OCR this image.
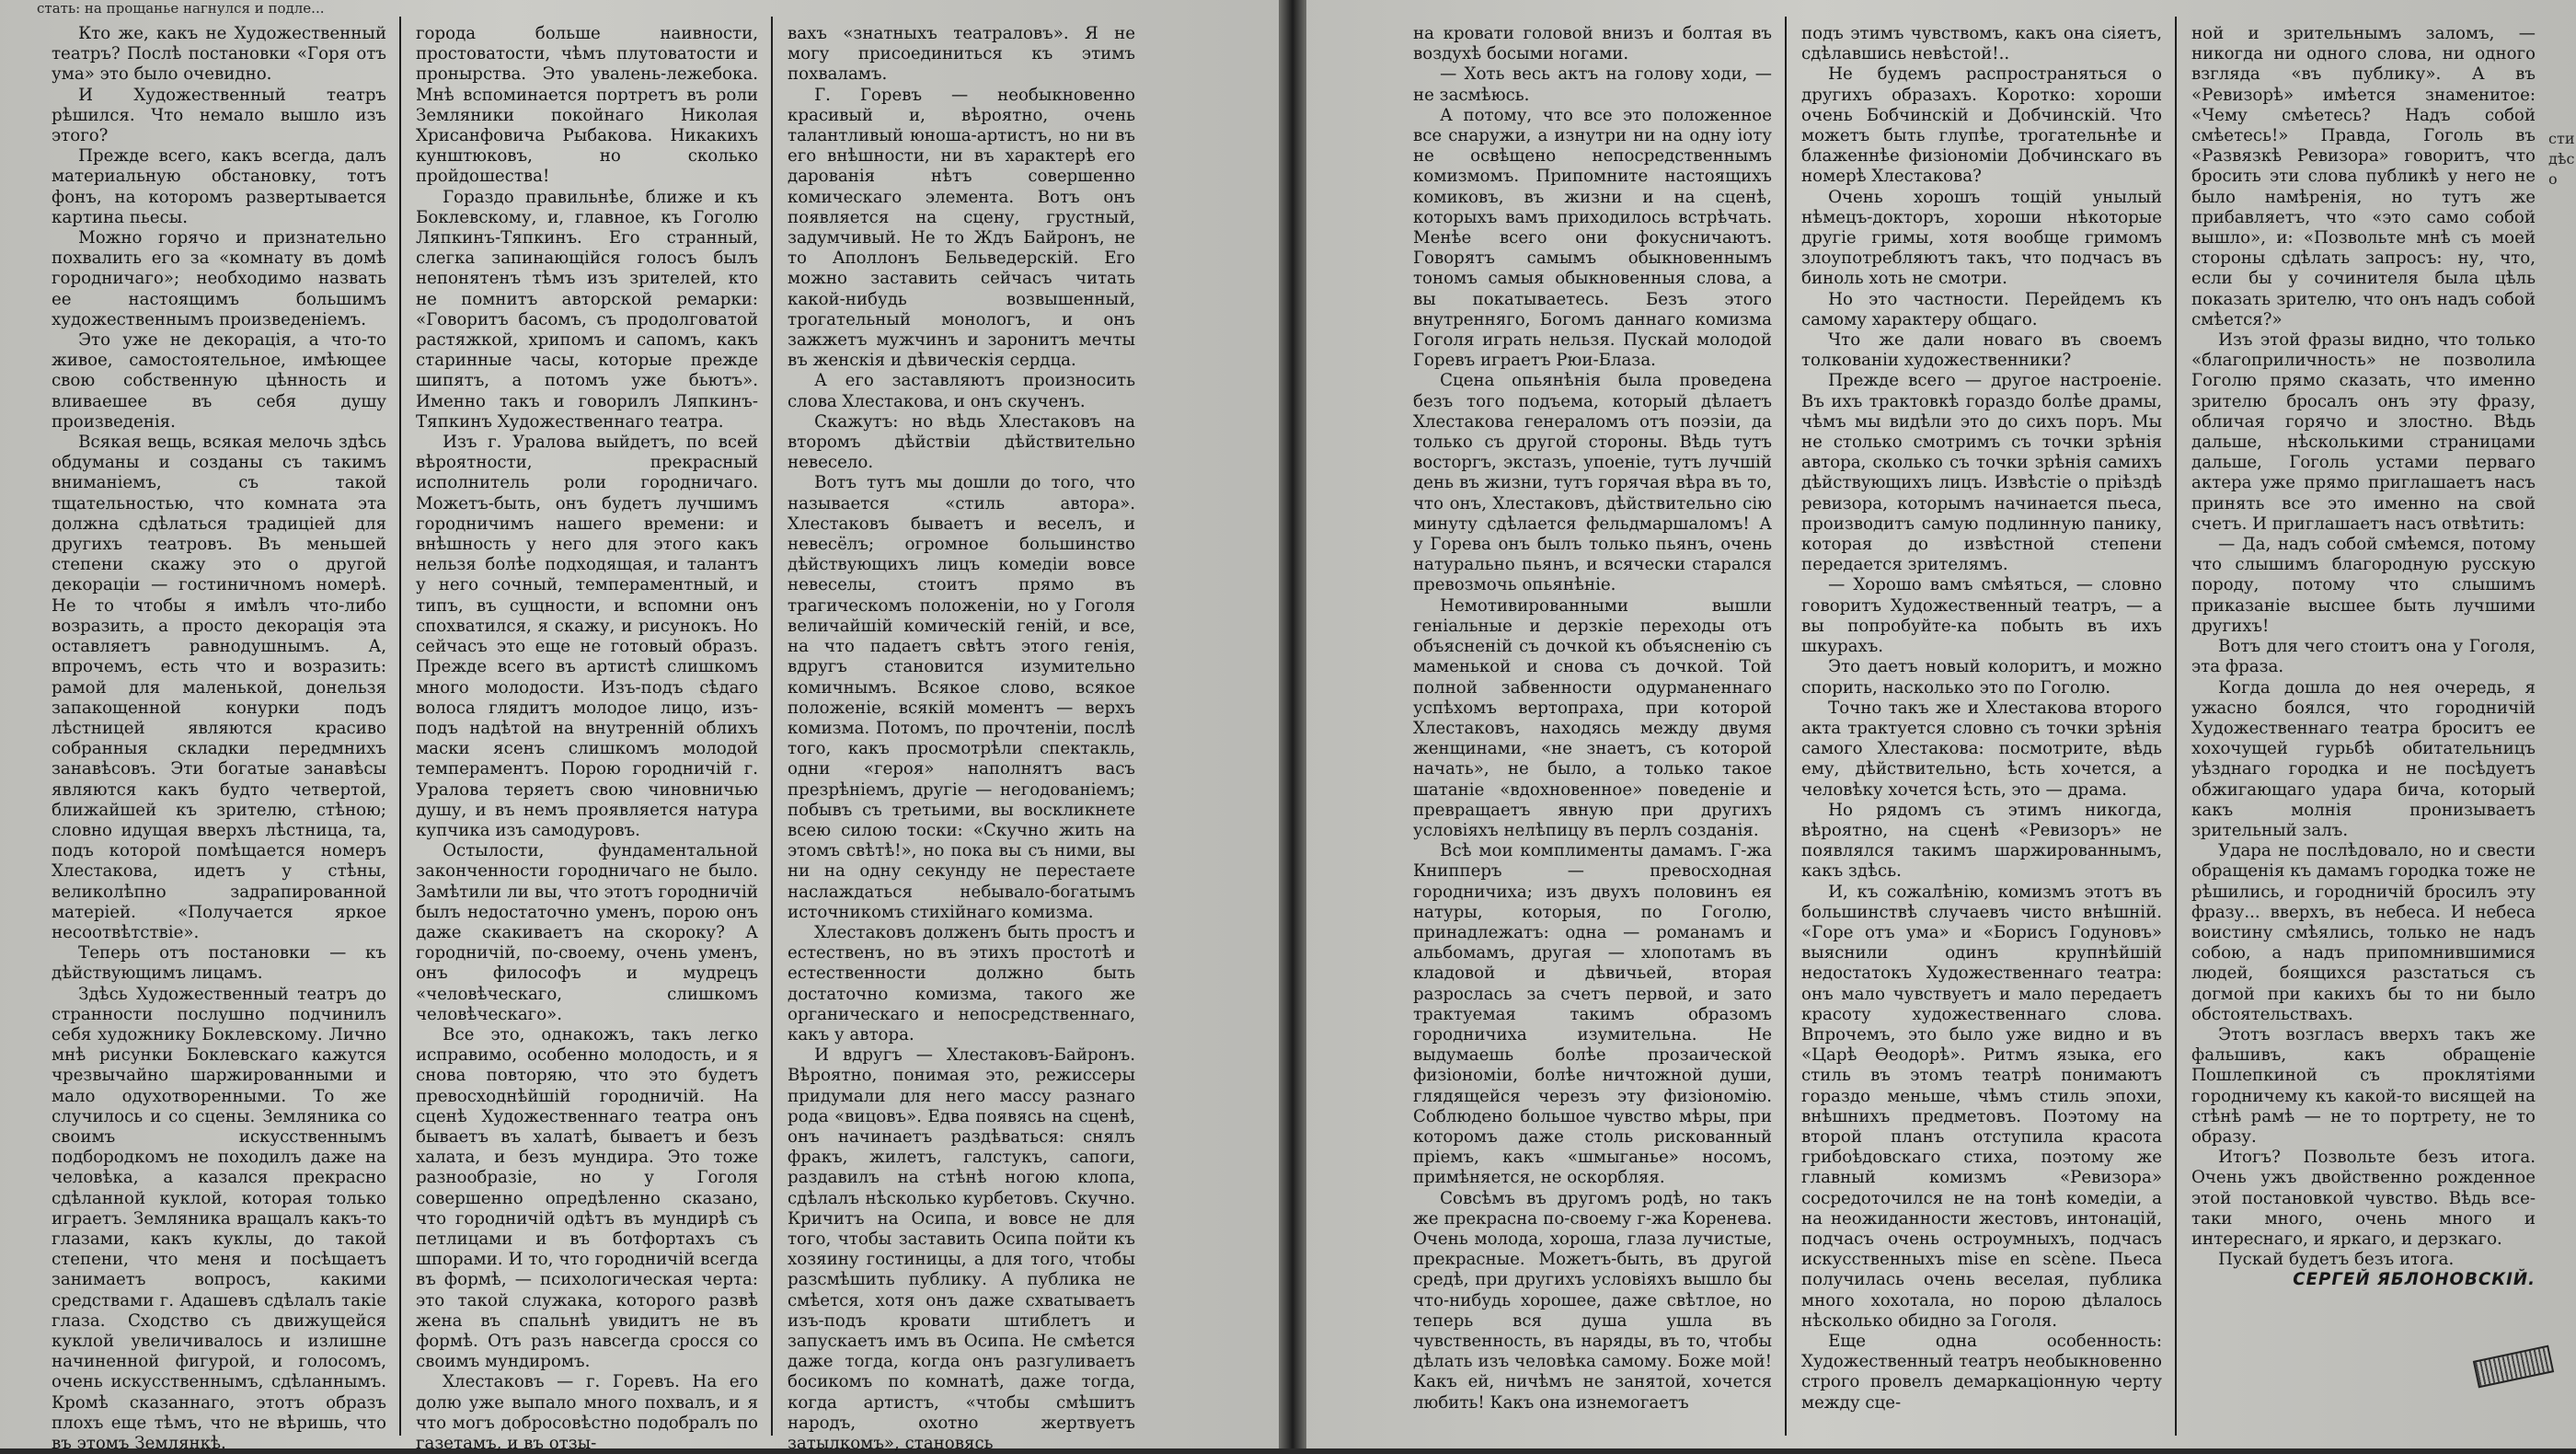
стать: на прощанье нагнулся и подле...

Кто же, какъ не Художественный театръ? Послѣ постановки «Горя отъ ума» это было очевидно.

И Художественный театръ рѣшился. Что немало вышло изъ этого?

Прежде всего, какъ всегда, далъ материальную обстановку, тотъ фонъ, на которомъ развертывается картина пьесы.

Можно горячо и признательно похвалить его за «комнату въ домѣ городничаго»; необходимо назвать ее настоящимъ большимъ художественнымъ произведеніемъ.

Это уже не декорація, а что-то живое, самостоятельное, имѣющее свою собственную цѣнность и вливаешее въ себя душу произведенія.

Всякая вещь, всякая мелочь здѣсь обдуманы и созданы съ такимъ вниманіемъ, съ такой тщательностью, что комната эта должна сдѣлаться традиціей для другихъ театровъ. Въ меньшей степени скажу это о другой декораціи — гостиничномъ номерѣ. Не то чтобы я имѣлъ что-либо возразить, а просто декорація эта оставляетъ равнодушнымъ. А, впрочемъ, есть что и возразить: рамой для маленькой, донельзя запакощенной конурки подъ лѣстницей являются красиво собранныя складки передмнихъ занавѣсовъ. Эти богатые занавѣсы являются какъ будто четвертой, ближайшей къ зрителю, стѣною; словно идущая вверхъ лѣстница, та, подъ которой помѣщается номеръ Хлестакова, идетъ у стѣны, великолѣпно задрапированной матеріей. «Получается яркое несоотвѣтствіе».

Теперь отъ постановки — къ дѣйствующимъ лицамъ.

Здѣсь Художественный театръ до странности послушно подчинилъ себя художнику Боклевскому. Лично мнѣ рисунки Боклевскаго кажутся чрезвычайно шаржированными и мало одухотворенными. То же случилось и со сцены. Земляника со своимъ искусственнымъ подбородкомъ не походилъ даже на человѣка, а казался прекрасно сдѣланной куклой, которая только играетъ. Земляника вращалъ какъ-то глазами, какъ куклы, до такой степени, что меня и посѣщаетъ занимаетъ вопросъ, какими средствами г. Адашевъ сдѣлалъ такіе глаза. Сходство съ движущейся куклой увеличивалось и излишне начиненной фигурой, и голосомъ, очень искусственнымъ, сдѣланнымъ. Кромѣ сказаннаго, этотъ образъ плохъ еще тѣмъ, что не вѣришь, что въ этомъ Землянкѣ.

города больше наивности, простоватости, чѣмъ плутоватости и пронырства. Это увалень-лежебока. Мнѣ вспоминается портретъ въ роли Земляники покойнаго Николая Хрисанфовича Рыбакова. Никакихъ кунштюковъ, но сколько пройдошества!

Гораздо правильнѣе, ближе и къ Боклевскому, и, главное, къ Гоголю Ляпкинъ-Тяпкинъ. Его странный, слегка запинающійся голосъ былъ непонятенъ тѣмъ изъ зрителей, кто не помнитъ авторской ремарки: «Говоритъ басомъ, съ продолговатой растяжкой, хрипомъ и сапомъ, какъ старинные часы, которые прежде шипятъ, а потомъ уже бьютъ». Именно такъ и говорилъ Ляпкинъ-Тяпкинъ Художественнаго театра.

Изъ г. Уралова выйдетъ, по всей вѣроятности, прекрасный исполнитель роли городничаго. Можетъ-быть, онъ будетъ лучшимъ городничимъ нашего времени: и внѣшность у него для этого какъ нельзя болѣе подходящая, и талантъ у него сочный, темпераментный, и типъ, въ сущности, и вспомни онъ спохватился, я скажу, и рисунокъ. Но сейчасъ это еще не готовый образъ. Прежде всего въ артистѣ слишкомъ много молодости. Изъ-подъ сѣдаго волоса глядитъ молодое лицо, изъ-подъ надѣтой на внутренній облихъ маски ясенъ слишкомъ молодой темпераментъ. Порою городничій г. Уралова теряетъ свою чиновничью душу, и въ немъ проявляется натура купчика изъ самодуровъ.

Остылости, фундаментальной законченности городничаго не было. Замѣтили ли вы, что этотъ городничій былъ недостаточно уменъ, порою онъ даже скакиваетъ на скороку? А городничій, по-своему, очень уменъ, онъ философъ и мудрецъ «человѣческаго, слишкомъ человѣческаго».

Все это, однакожъ, такъ легко исправимо, особенно молодость, и я снова повторяю, что это будетъ превосходнѣйшій городничій. На сценѣ Художественнаго театра онъ бываетъ въ халатѣ, бываетъ и безъ халата, и безъ мундира. Это тоже разнообразіе, но у Гоголя совершенно опредѣленно сказано, что городничій одѣтъ въ мундирѣ съ петлицами и въ ботфортахъ съ шпорами. И то, что городничій всегда въ формѣ, — психологическая черта: это такой служака, которого развѣ жена въ спальнѣ увидитъ не въ формѣ. Отъ разъ навсегда сросся со своимъ мундиромъ.

Хлестаковъ — г. Горевъ. На его долю уже выпало много похвалъ, и я что могъ добросовѣстно подобралъ по газетамъ, и въ отзы-

вахъ «знатныхъ театраловъ». Я не могу присоединиться къ этимъ похваламъ.

Г. Горевъ — необыкновенно красивый и, вѣроятно, очень талантливый юноша-артистъ, но ни въ его внѣшности, ни въ характерѣ его дарованія нѣтъ совершенно комическаго элемента. Вотъ онъ появляется на сцену, грустный, задумчивый. Не то Ждъ Байронъ, не то Аполлонъ Бельведерскій. Его можно заставить сейчасъ читать какой-нибудь возвышенный, трогательный монологъ, и онъ зажжетъ мужчинъ и заронитъ мечты въ женскія и дѣвическія сердца.

А его заставляютъ произносить слова Хлестакова, и онъ скученъ.

Скажутъ: но вѣдь Хлестаковъ на второмъ дѣйствіи дѣйствительно невесело.

Вотъ тутъ мы дошли до того, что называется «стиль автора». Хлестаковъ бываетъ и веселъ, и невесёлъ; огромное большинство дѣйствующихъ лицъ комедіи вовсе невеселы, стоитъ прямо въ трагическомъ положеніи, но у Гоголя величайшій комическій геній, и все, на что падаетъ свѣтъ этого генія, вдругъ становится изумительно комичнымъ. Всякое слово, всякое положеніе, всякій моментъ — верхъ комизма. Потомъ, по прочтеніи, послѣ того, какъ просмотрѣли спектакль, одни «героя» наполнятъ васъ презрѣніемъ, другіе — негодованіемъ; побывъ съ третьими, вы воскликнете всею силою тоски: «Скучно жить на этомъ свѣтѣ!», но пока вы съ ними, вы ни на одну секунду не перестаете наслаждаться небывало-богатымъ источникомъ стихійнаго комизма.

Хлестаковъ долженъ быть простъ и естественъ, но въ этихъ простотѣ и естественности должно быть достаточно комизма, такого же органическаго и непосредственнаго, какъ у автора.

И вдругъ — Хлестаковъ-Байронъ. Вѣроятно, понимая это, режиссеры придумали для него массу разнаго рода «вицовъ». Едва появясь на сценѣ, онъ начинаетъ раздѣваться: снялъ фракъ, жилетъ, галстукъ, сапоги, раздавилъ на стѣнѣ ногою клопа, сдѣлалъ нѣсколько курбетовъ. Скучно. Кричитъ на Осипа, и вовсе не для того, чтобы заставить Осипа пойти къ хозяину гостиницы, а для того, чтобы разсмѣшить публику. А публика не смѣется, хотя онъ даже схватываетъ изъ-подъ кровати штиблетъ и запускаетъ имъ въ Осипа. Не смѣется даже тогда, когда онъ разгуливаетъ босикомъ по комнатѣ, даже тогда, когда артистъ, «чтобы смѣшитъ народъ, охотно жертвуетъ затылкомъ», становясь

на кровати головой внизъ и болтая въ воздухѣ босыми ногами.

— Хоть весь актъ на голову ходи, — не засмѣюсь.

А потому, что все это положенное все снаружи, а изнутри ни на одну іоту не освѣщено непосредственнымъ комизмомъ. Припомните настоящихъ комиковъ, въ жизни и на сценѣ, которыхъ вамъ приходилось встрѣчать. Менѣе всего они фокусничаютъ. Говорятъ самымъ обыкновеннымъ тономъ самыя обыкновенныя слова, а вы покатываетесь. Безъ этого внутренняго, Богомъ даннаго комизма Гоголя играть нельзя. Пускай молодой Горевъ играетъ Рюи-Блаза.

Сцена опьянѣнія была проведена безъ того подъема, который дѣлаетъ Хлестакова генераломъ отъ поэзіи, да только съ другой стороны. Вѣдь тутъ восторгъ, экстазъ, упоеніе, тутъ лучшій день въ жизни, тутъ горячая вѣра въ то, что онъ, Хлестаковъ, дѣйствительно сію минуту сдѣлается фельдмаршаломъ! А у Горева онъ былъ только пьянъ, очень натурально пьянъ, и всячески старался превозмочь опьянѣніе.

Немотивированными вышли геніальные и дерзкіе переходы отъ объясненій съ дочкой къ объясненію съ маменькой и снова съ дочкой. Той полной забвенности одурманеннаго успѣхомъ вертопраха, при которой Хлестаковъ, находясь между двумя женщинами, «не знаетъ, съ которой начать», не было, а только такое шатаніе «вдохновенное» поведеніе и превращаетъ явную при другихъ условіяхъ нелѣпицу въ перлъ созданія.

Всѣ мои комплименты дамамъ. Г-жа Книпперъ — превосходная городничиха; изъ двухъ половинъ ея натуры, которыя, по Гоголю, принадлежатъ: одна — романамъ и альбомамъ, другая — хлопотамъ въ кладовой и дѣвичьей, вторая разрослась за счетъ первой, и зато трактуемая такимъ образомъ городничиха изумительна. Не выдумаешь болѣе прозаической физіономіи, болѣе ничтожной души, глядящейся черезъ эту физіономію. Соблюдено большое чувство мѣры, при которомъ даже столь рискованный пріемъ, какъ «шмыганье» носомъ, примѣняется, не оскорбляя.

Совсѣмъ въ другомъ родѣ, но такъ же прекрасна по-своему г-жа Коренева. Очень молода, хороша, глаза лучистые, прекрасные. Можетъ-быть, въ другой средѣ, при другихъ условіяхъ вышло бы что-нибудь хорошее, даже свѣтлое, но теперь вся душа ушла въ чувственность, въ наряды, въ то, чтобы дѣлать изъ человѣка самому. Боже мой! Какъ ей, ничѣмъ не занятой, хочется любить! Какъ она изнемогаетъ

подъ этимъ чувствомъ, какъ она сіяетъ, сдѣлавшись невѣстой!..

Не будемъ распространяться о другихъ образахъ. Коротко: хороши очень Бобчинскій и Добчинскій. Что можетъ быть глупѣе, трогательнѣе и блаженнѣе физіономіи Добчинскаго въ номерѣ Хлестакова?

Очень хорошъ тощій унылый нѣмецъ-докторъ, хороши нѣкоторые другіе гримы, хотя вообще гримомъ злоупотребляютъ такъ, что подчасъ въ биноль хоть не смотри.

Но это частности. Перейдемъ къ самому характеру общаго.

Что же дали новаго въ своемъ толкованіи художественники?

Прежде всего — другое настроеніе. Въ ихъ трактовкѣ гораздо болѣе драмы, чѣмъ мы видѣли это до сихъ поръ. Мы не столько смотримъ съ точки зрѣнія автора, сколько съ точки зрѣнія самихъ дѣйствующихъ лицъ. Извѣстіе о пріѣздѣ ревизора, которымъ начинается пьеса, производитъ самую подлинную панику, которая до извѣстной степени передается зрителямъ.

— Хорошо вамъ смѣяться, — словно говоритъ Художественный театръ, — а вы попробуйте-ка побыть въ ихъ шкурахъ.

Это даетъ новый колоритъ, и можно спорить, насколько это по Гоголю.

Точно такъ же и Хлестакова второго акта трактуется словно съ точки зрѣнія самого Хлестакова: посмотрите, вѣдь ему, дѣйствительно, ѣсть хочется, а человѣку хочется ѣсть, это — драма.

Но рядомъ съ этимъ никогда, вѣроятно, на сценѣ «Ревизоръ» не появлялся такимъ шаржированнымъ, какъ здѣсь.

И, къ сожалѣнію, комизмъ этотъ въ большинствѣ случаевъ чисто внѣшній. «Горе отъ ума» и «Борисъ Годуновъ» выяснили одинъ крупнѣйшій недостатокъ Художественнаго театра: онъ мало чувствуетъ и мало передаетъ красоту художественнаго слова. Впрочемъ, это было уже видно и въ «Царѣ Ѳеодорѣ». Ритмъ языка, его стиль въ этомъ театрѣ понимаютъ гораздо меньше, чѣмъ стиль эпохи, внѣшнихъ предметовъ. Поэтому на второй планъ отступила красота грибоѣдовскаго стиха, поэтому же главный комизмъ «Ревизора» сосредоточился не на тонѣ комедіи, а на неожиданности жестовъ, интонацій, подчасъ очень остроумныхъ, подчасъ искусственныхъ mise en scène. Пьеса получилась очень веселая, публика много хохотала, но порою дѣлалось нѣсколько обидно за Гоголя.

Еще одна особенность: Художественный театръ необыкновенно строго провелъ демаркаціонную черту между сце-

ной и зрительнымъ заломъ, — никогда ни одного слова, ни одного взгляда «въ публику». А въ «Ревизорѣ» имѣется знаменитое: «Чему смѣетесь? Надъ собой смѣетесь!» Правда, Гоголь въ «Развязкѣ Ревизора» говоритъ, что бросить эти слова публикѣ у него не было намѣренія, но тутъ же прибавляетъ, что «это само собой вышло», и: «Позвольте мнѣ съ моей стороны сдѣлать запросъ: ну, что, если бы у сочинителя была цѣль показать зрителю, что онъ надъ собой смѣется?»

Изъ этой фразы видно, что только «благоприличность» не позволила Гоголю прямо сказать, что именно зрителю бросалъ онъ эту фразу, обличая горячо и злостно. Вѣдь дальше, нѣсколькими страницами дальше, Гоголь устами перваго актера уже прямо приглашаетъ насъ принять все это именно на свой счетъ. И приглашаетъ насъ отвѣтить:

— Да, надъ собой смѣемся, потому что слышимъ благородную русскую породу, потому что слышимъ приказаніе высшее быть лучшими другихъ!

Вотъ для чего стоитъ она у Гоголя, эта фраза.

Когда дошла до нея очередь, я ужасно боялся, что городничій Художественнаго театра броситъ ее хохочущей гурьбѣ обитательницъ уѣзднаго городка и не посѣдуетъ обжигающаго удара бича, который какъ молнія пронизываетъ зрительный залъ.

Удара не послѣдовало, но и свести обращенія къ дамамъ городка тоже не рѣшились, и городничій бросилъ эту фразу... вверхъ, въ небеса. И небеса воистину смѣялись, только не надъ собою, а надъ припомнившимися людей, боящихся разстаться съ догмой при какихъ бы то ни было обстоятельствахъ.

Этотъ возгласъ вверхъ такъ же фальшивъ, какъ обращеніе Пошлепкиной съ проклятіями городничему къ какой-то висящей на стѣнѣ рамѣ — не то портрету, не то образу.

Итогъ? Позвольте безъ итога. Очень ужъ двойственно рожденное этой постановкой чувство. Вѣдь все-таки много, очень много и интереснаго, и яркаго, и дерзкаго.

Пускай будетъ безъ итога.

СЕРГЕЙ ЯБЛОНОВСКІЙ.

сти
дѣс
о
